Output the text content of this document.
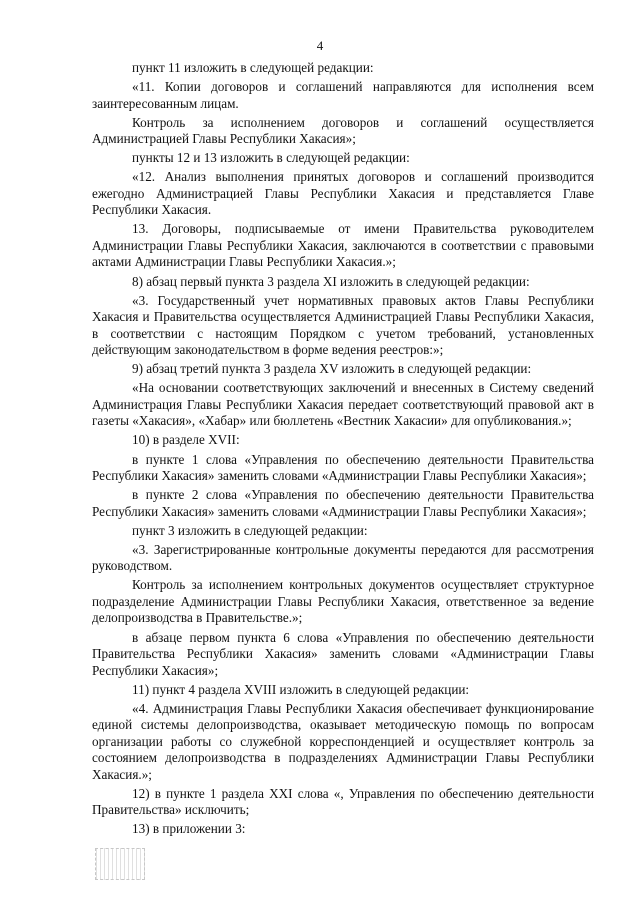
4

пункт 11 изложить в следующей редакции:

«11. Копии договоров и соглашений направляются для исполнения всем заинтересованным лицам.

Контроль за исполнением договоров и соглашений осуществляется Администрацией Главы Республики Хакасия»;

пункты 12 и 13 изложить в следующей редакции:

«12. Анализ выполнения принятых договоров и соглашений производится ежегодно Администрацией Главы Республики Хакасия и представляется Главе Республики Хакасия.

13. Договоры, подписываемые от имени Правительства руководителем Администрации Главы Республики Хакасия, заключаются в соответствии с правовыми актами Администрации Главы Республики Хакасия.»;

8) абзац первый пункта 3 раздела XI изложить в следующей редакции:

«3. Государственный учет нормативных правовых актов Главы Республики Хакасия и Правительства осуществляется Администрацией Главы Республики Хакасия, в соответствии с настоящим Порядком с учетом требований, установленных действующим законодательством в форме ведения реестров:»;

9) абзац третий пункта 3 раздела XV изложить в следующей редакции:

«На основании соответствующих заключений и внесенных в Систему сведений Администрация Главы Республики Хакасия передает соответствующий правовой акт в газеты «Хакасия», «Хабар» или бюллетень «Вестник Хакасии» для опубликования.»;

10) в разделе XVII:

в пункте 1 слова «Управления по обеспечению деятельности Правительства Республики Хакасия» заменить словами «Администрации Главы Республики Хакасия»;

в пункте 2 слова «Управления по обеспечению деятельности Правительства Республики Хакасия» заменить словами «Администрации Главы Республики Хакасия»;

пункт 3 изложить в следующей редакции:

«3. Зарегистрированные контрольные документы передаются для рассмотрения руководством.

Контроль за исполнением контрольных документов осуществляет структурное подразделение Администрации Главы Республики Хакасия, ответственное за ведение делопроизводства в Правительстве.»;

в абзаце первом пункта 6 слова «Управления по обеспечению деятельности Правительства Республики Хакасия» заменить словами «Администрации Главы Республики Хакасия»;

11) пункт 4 раздела XVIII изложить в следующей редакции:

«4. Администрация Главы Республики Хакасия обеспечивает функционирование единой системы делопроизводства, оказывает методическую помощь по вопросам организации работы со служебной корреспонденцией и осуществляет контроль за состоянием делопроизводства в подразделениях Администрации Главы Республики Хакасия.»;

12) в пункте 1 раздела XXI слова «, Управления по обеспечению деятельности Правительства» исключить;

13) в приложении 3:
